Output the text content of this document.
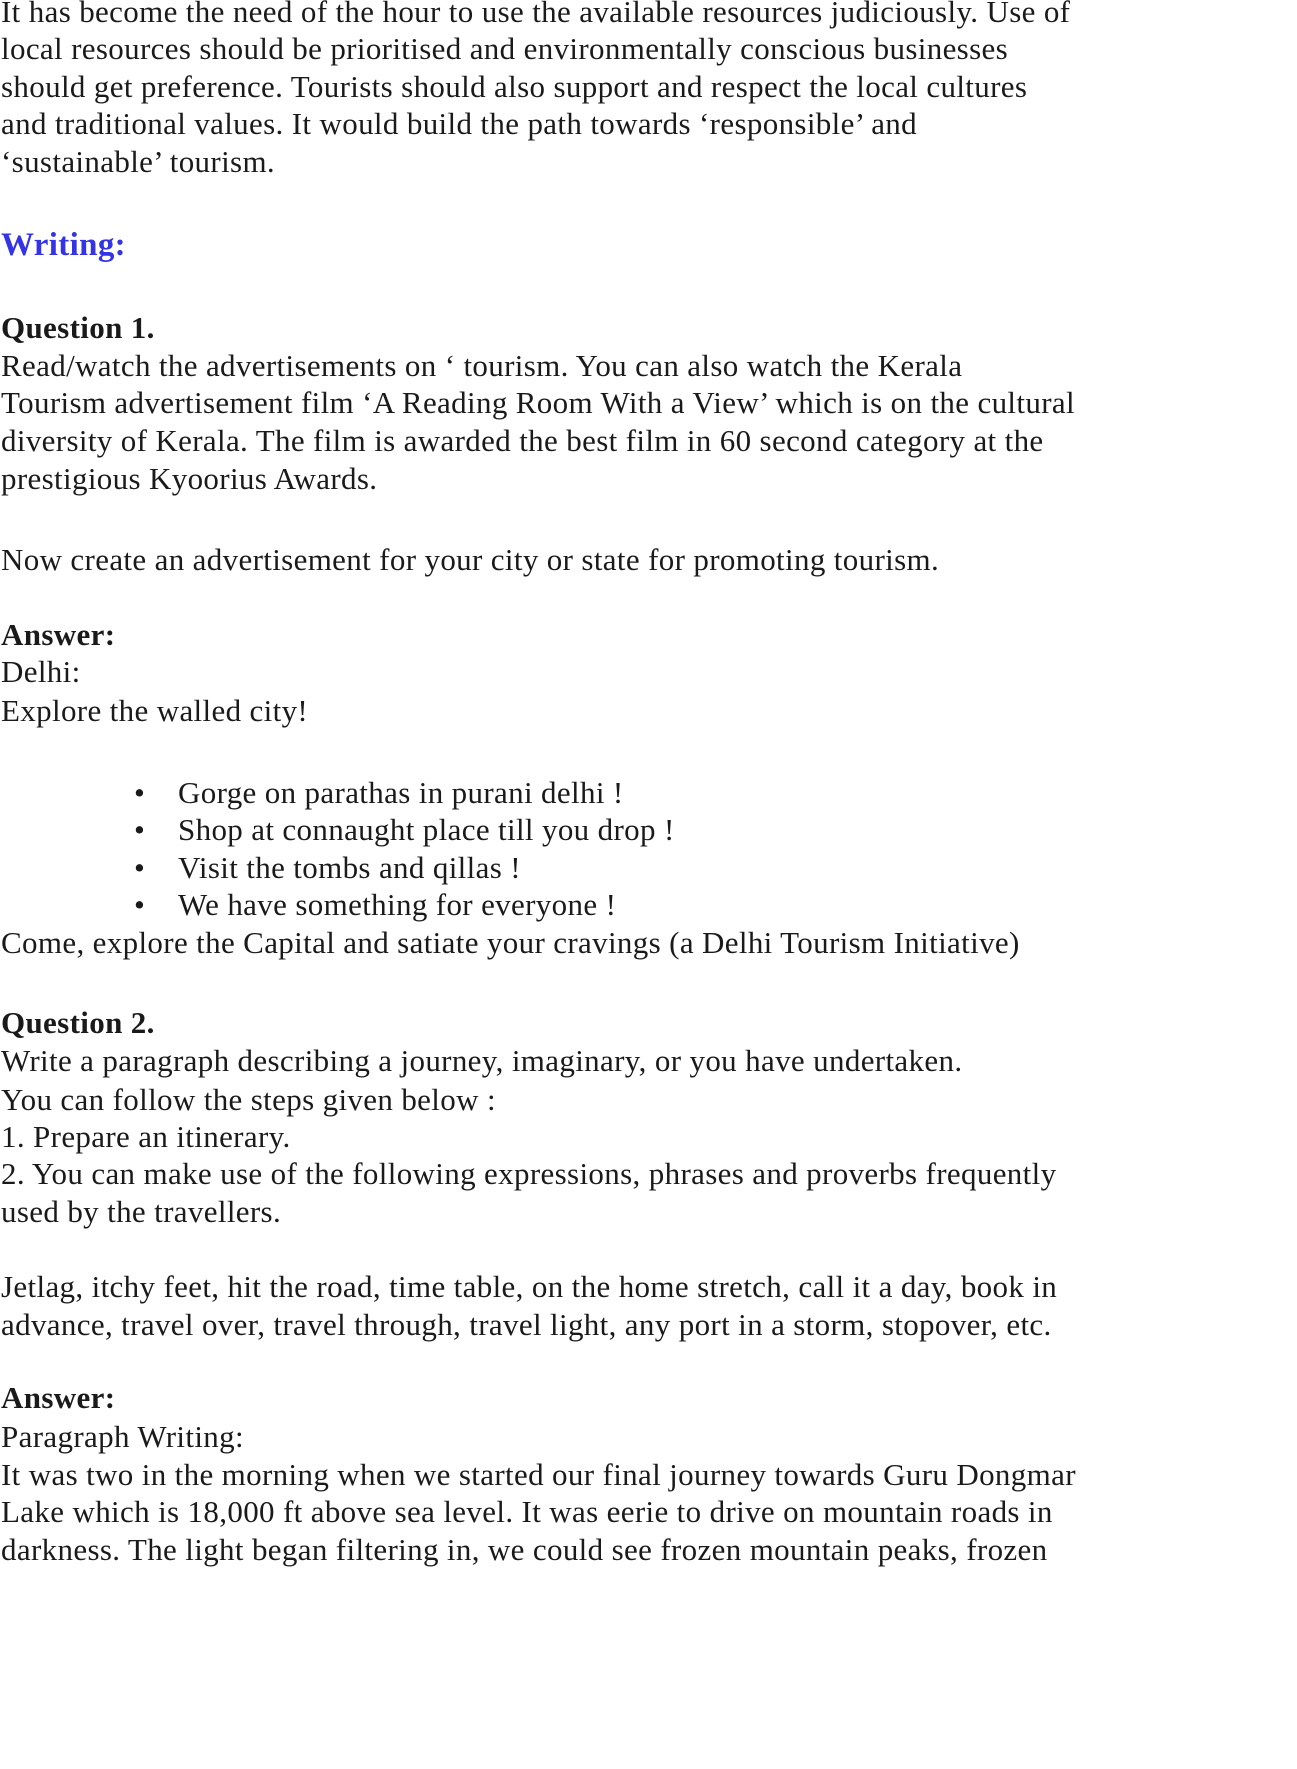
It has become the need of the hour to use the available resources judiciously. Use of
local resources should be prioritised and environmentally conscious businesses
should get preference. Tourists should also support and respect the local cultures
and traditional values. It would build the path towards ‘responsible’ and
‘sustainable’ tourism.
Writing:
Question 1.
Read/watch the advertisements on ‘ tourism. You can also watch the Kerala
Tourism advertisement film ‘A Reading Room With a View’ which is on the cultural
diversity of Kerala. The film is awarded the best film in 60 second category at the
prestigious Kyoorius Awards.
Now create an advertisement for your city or state for promoting tourism.
Answer:
Delhi:
Explore the walled city!
• Gorge on parathas in purani delhi !
• Shop at connaught place till you drop !
• Visit the tombs and qillas !
• We have something for everyone !
Come, explore the Capital and satiate your cravings (a Delhi Tourism Initiative)
Question 2.
Write a paragraph describing a journey, imaginary, or you have undertaken.
You can follow the steps given below :
1. Prepare an itinerary.
2. You can make use of the following expressions, phrases and proverbs frequently
used by the travellers.
Jetlag, itchy feet, hit the road, time table, on the home stretch, call it a day, book in
advance, travel over, travel through, travel light, any port in a storm, stopover, etc.
Answer:
Paragraph Writing:
It was two in the morning when we started our final journey towards Guru Dongmar
Lake which is 18,000 ft above sea level. It was eerie to drive on mountain roads in
darkness. The light began filtering in, we could see frozen mountain peaks, frozen
